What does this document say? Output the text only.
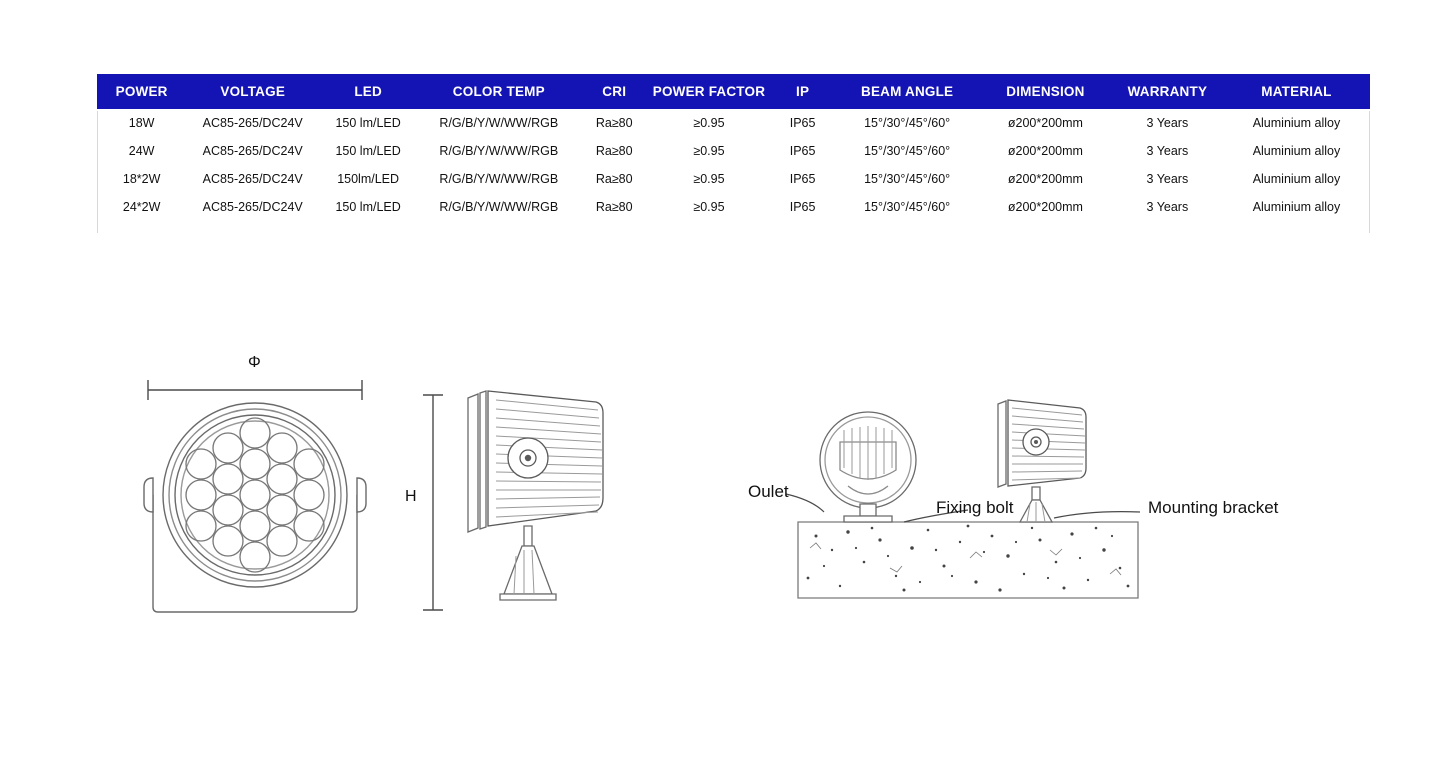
POWER	VOLTAGE	LED	COLOR TEMP	CRI	POWER FACTOR	IP	BEAM ANGLE	DIMENSION	WARRANTY	MATERIAL
18W	AC85-265/DC24V	150 lm/LED	R/G/B/Y/W/WW/RGB	Ra≥80	≥0.95	IP65	15°/30°/45°/60°	ø200*200mm	3 Years	Aluminium alloy
24W	AC85-265/DC24V	150 lm/LED	R/G/B/Y/W/WW/RGB	Ra≥80	≥0.95	IP65	15°/30°/45°/60°	ø200*200mm	3 Years	Aluminium alloy
18*2W	AC85-265/DC24V	150lm/LED	R/G/B/Y/W/WW/RGB	Ra≥80	≥0.95	IP65	15°/30°/45°/60°	ø200*200mm	3 Years	Aluminium alloy
24*2W	AC85-265/DC24V	150 lm/LED	R/G/B/Y/W/WW/RGB	Ra≥80	≥0.95	IP65	15°/30°/45°/60°	ø200*200mm	3 Years	Aluminium alloy
Φ
H	Oulet
Fixing bolt	Mounting bracket
